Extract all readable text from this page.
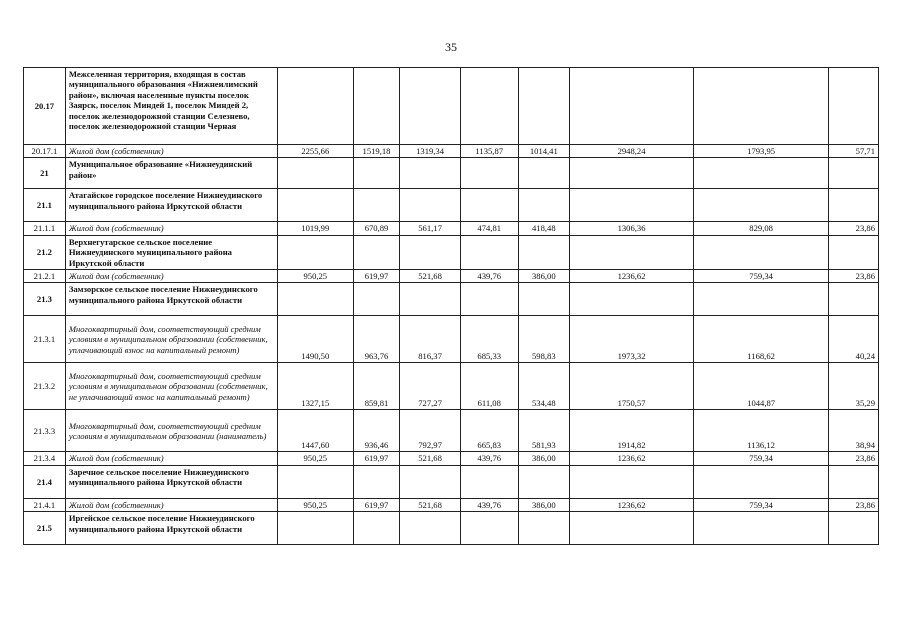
35
20.17	Межселенная территория, входящая в состав муниципального образования «Нижнеилимский район», включая населенные пункты поселок Заярск, поселок Миндей 1, поселок Миндей 2, поселок железнодорожной станции Селезнево, поселок железнодорожной станции Черная								
20.17.1	Жилой дом (собственник)	2255,66	1519,18	1319,34	1135,87	1014,41	2948,24	1793,95	57,71
21	Муниципальное образование «Нижнеудинский район»								
21.1	Атагайское городское поселение Нижнеудинского муниципального района Иркутской области								
21.1.1	Жилой дом (собственник)	1019,99	670,89	561,17	474,81	418,48	1306,36	829,08	23,86
21.2	Верхнегутарское сельское поселение Нижнеудинского муниципального района Иркутской области								
21.2.1	Жилой дом (собственник)	950,25	619,97	521,68	439,76	386,00	1236,62	759,34	23,86
21.3	Замзорское сельское поселение Нижнеудинского муниципального района Иркутской области								
21.3.1	Многоквартирный дом, соответствующий средним условиям в муниципальном образовании (собственник, уплачивающий взнос на капитальный ремонт)	1490,50	963,76	816,37	685,33	598,83	1973,32	1168,62	40,24
21.3.2	Многоквартирный дом, соответствующий средним условиям в муниципальном образовании (собственник, не уплачивающий взнос на капитальный ремонт)	1327,15	859,81	727,27	611,08	534,48	1750,57	1044,87	35,29
21.3.3	Многоквартирный дом, соответствующий средним условиям в муниципальном образовании (наниматель)	1447,60	936,46	792,97	665,83	581,93	1914,82	1136,12	38,94
21.3.4	Жилой дом (собственник)	950,25	619,97	521,68	439,76	386,00	1236,62	759,34	23,86
21.4	Заречное сельское поселение Нижнеудинского муниципального района Иркутской области								
21.4.1	Жилой дом (собственник)	950,25	619,97	521,68	439,76	386,00	1236,62	759,34	23,86
21.5	Иргейское сельское поселение Нижнеудинского муниципального района Иркутской области								
